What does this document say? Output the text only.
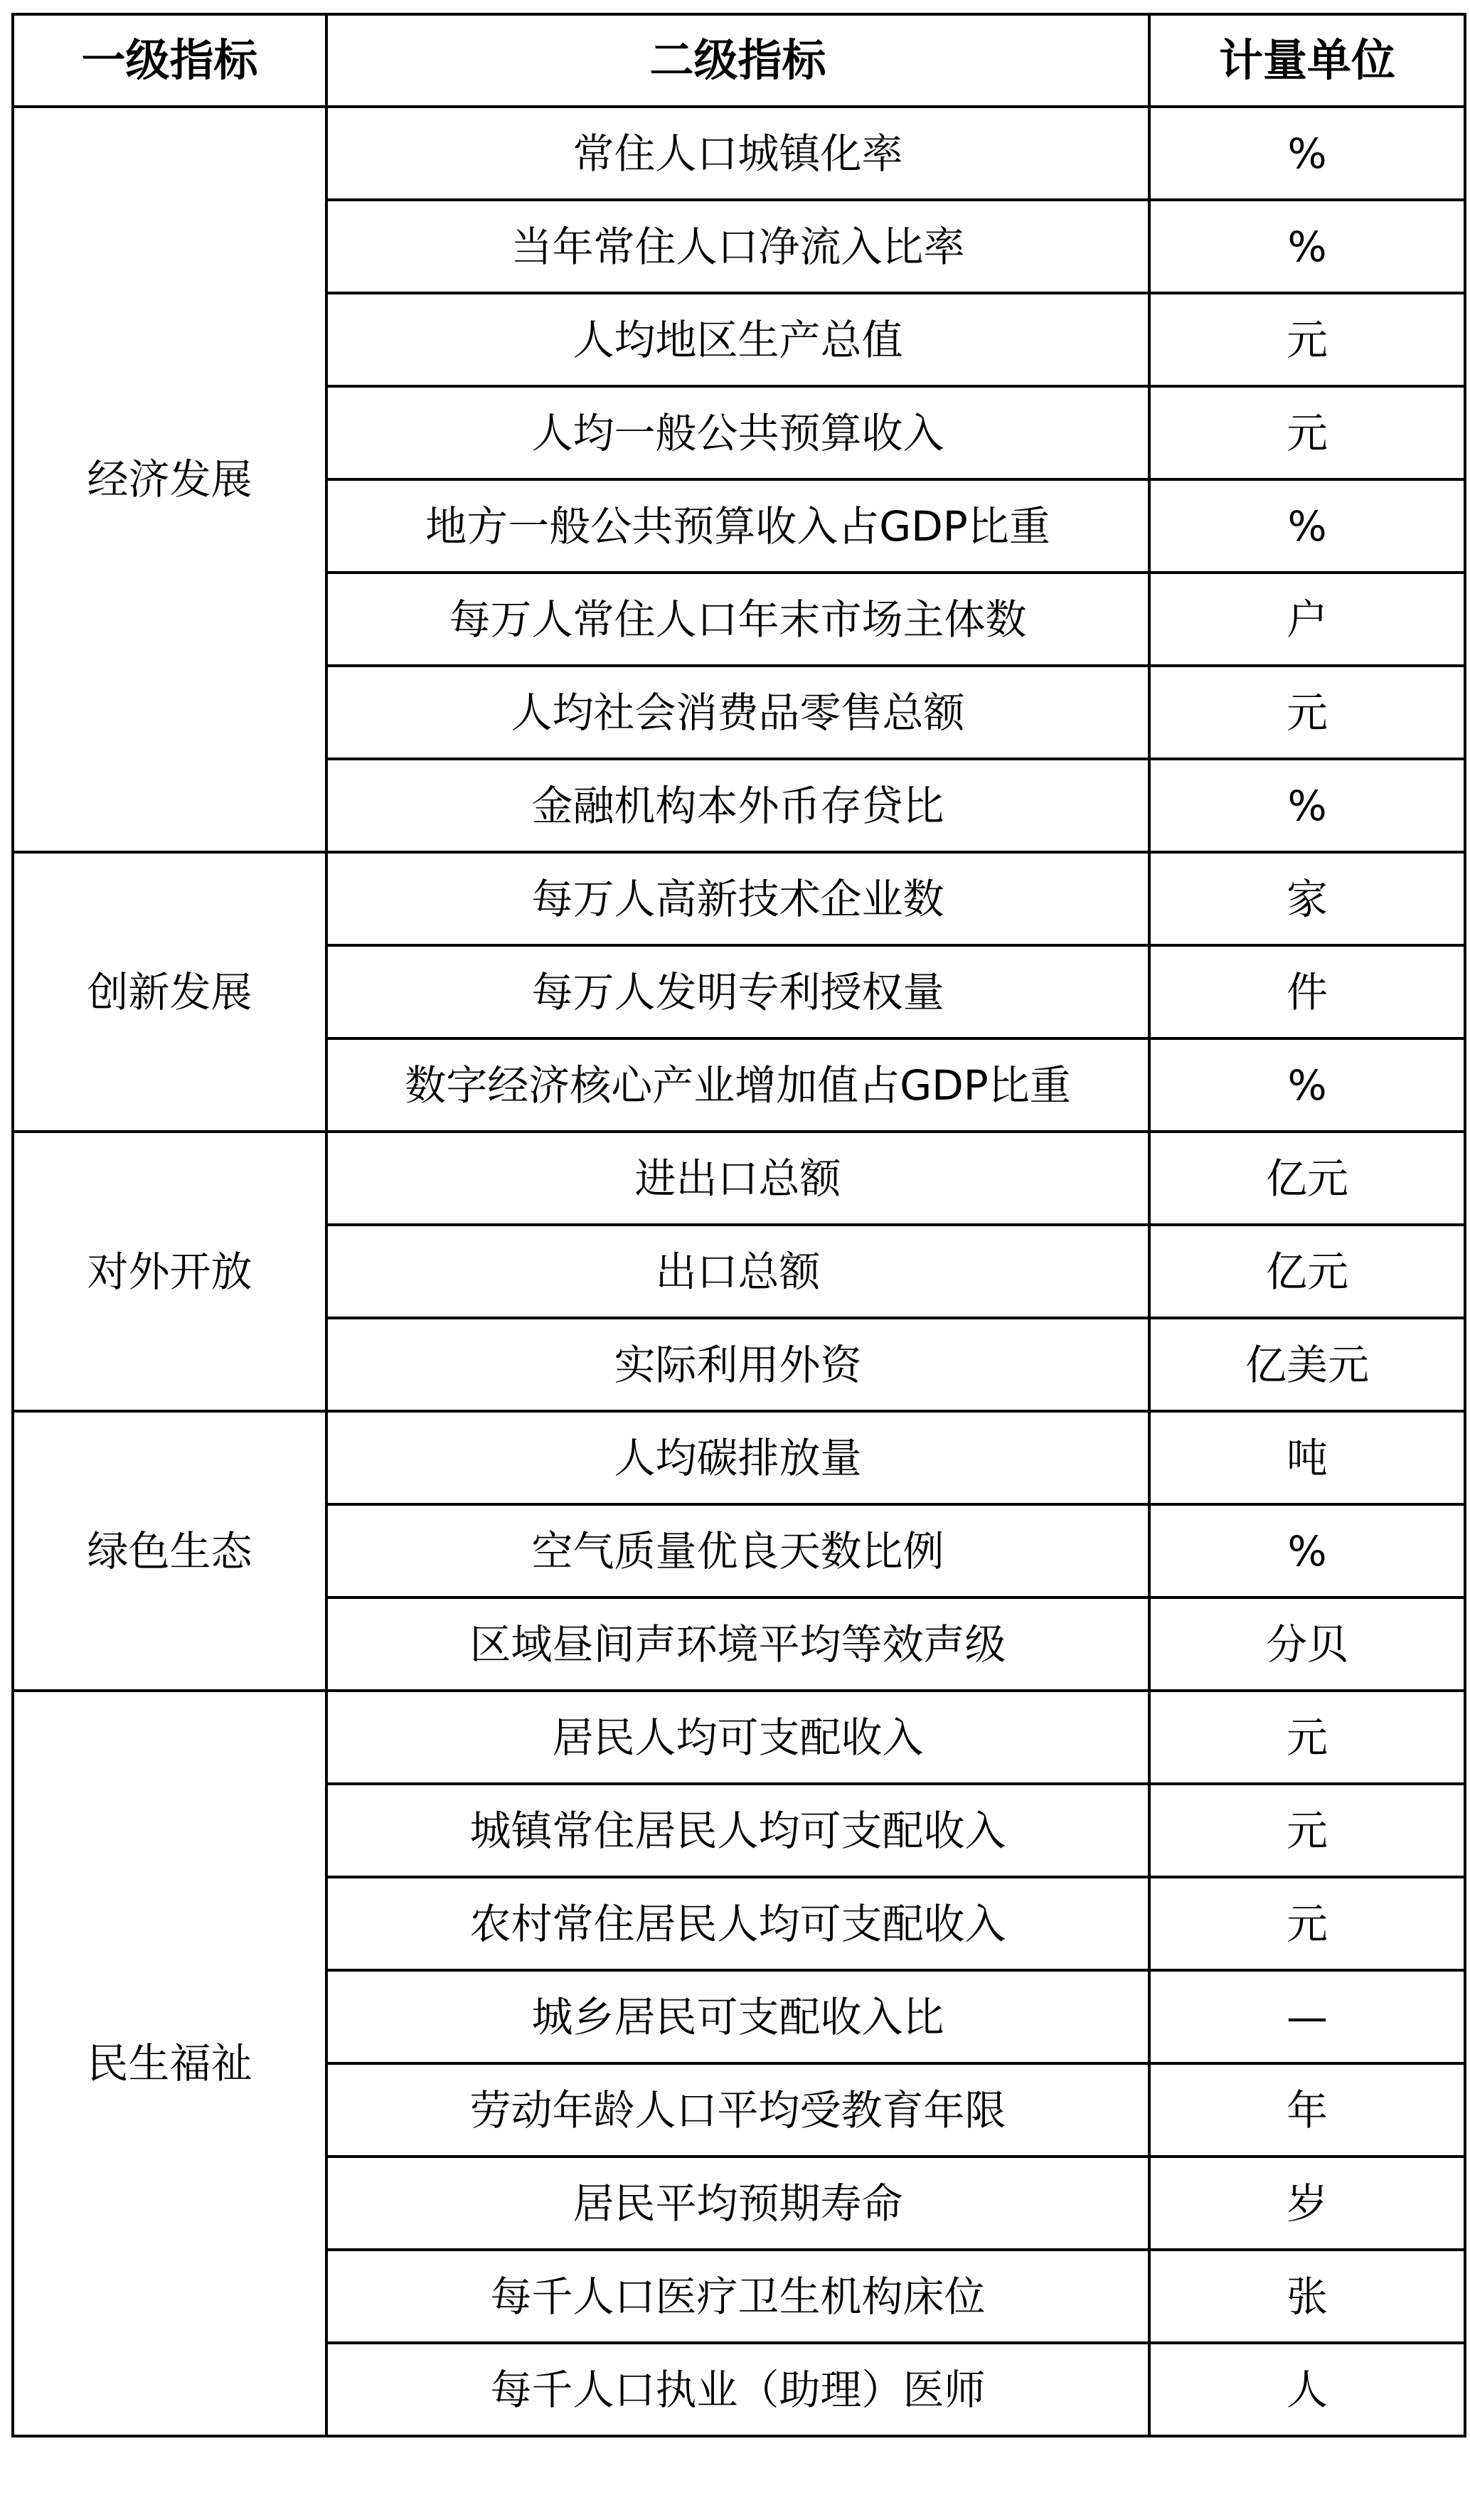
一级指标	二级指标	计量单位
经济发展	常住人口城镇化率	%
	当年常住人口净流入比率	%
	人均地区生产总值	元
	人均一般公共预算收入	元
	地方一般公共预算收入占GDP比重	%
	每万人常住人口年末市场主体数	户
	人均社会消费品零售总额	元
	金融机构本外币存贷比	%
创新发展	每万人高新技术企业数	家
	每万人发明专利授权量	件
	数字经济核心产业增加值占GDP比重	%
对外开放	进出口总额	亿元
	出口总额	亿元
	实际利用外资	亿美元
绿色生态	人均碳排放量	吨
	空气质量优良天数比例	%
	区域昼间声环境平均等效声级	分贝
民生福祉	居民人均可支配收入	元
	城镇常住居民人均可支配收入	元
	农村常住居民人均可支配收入	元
	城乡居民可支配收入比	—
	劳动年龄人口平均受教育年限	年
	居民平均预期寿命	岁
	每千人口医疗卫生机构床位	张
	每千人口执业（助理）医师	人
